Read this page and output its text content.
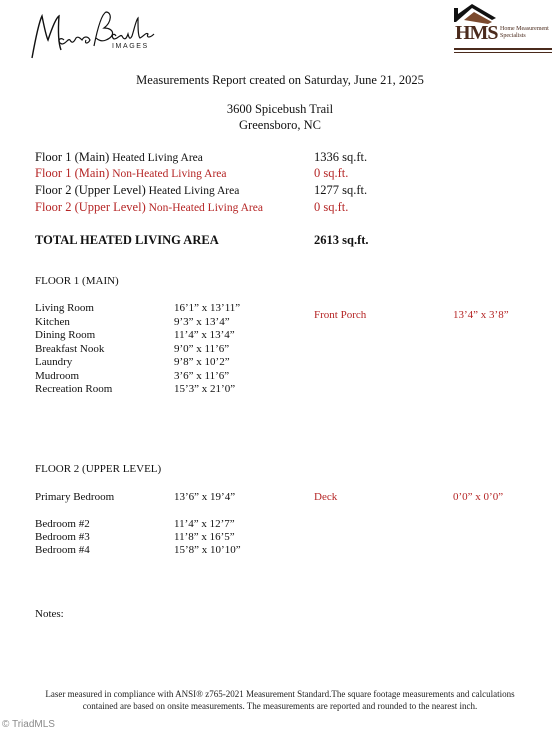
IMAGES
HMS Home Measurement Specialists
Measurements Report created on Saturday, June 21, 2025
3600 Spicebush Trail
Greensboro, NC
Floor 1 (Main) Heated Living Area	1336 sq.ft.
Floor 1 (Main) Non-Heated Living Area	0 sq.ft.
Floor 2 (Upper Level) Heated Living Area	1277 sq.ft.
Floor 2 (Upper Level) Non-Heated Living Area	0 sq.ft.
TOTAL HEATED LIVING AREA	2613 sq.ft.
FLOOR 1 (MAIN)
Living Room	16’1” x 13’11”
Kitchen	9’3” x 13’4”
Dining Room	11’4” x 13’4”
Breakfast Nook	9’0” x 11’6”
Laundry	9’8” x 10’2”
Mudroom	3’6” x 11’6”
Recreation Room	15’3” x 21’0”
Front Porch	13’4” x 3’8”
FLOOR 2 (UPPER LEVEL)
Primary Bedroom	13’6” x 19’4”	Deck	0’0” x 0’0”
Bedroom #2	11’4” x 12’7”
Bedroom #3	11’8” x 16’5”
Bedroom #4	15’8” x 10’10”
Notes:
Laser measured in compliance with ANSI® z765-2021 Measurement Standard.The square footage measurements and calculations
contained are based on onsite measurements. The measurements are reported and rounded to the nearest inch.
© TriadMLS
